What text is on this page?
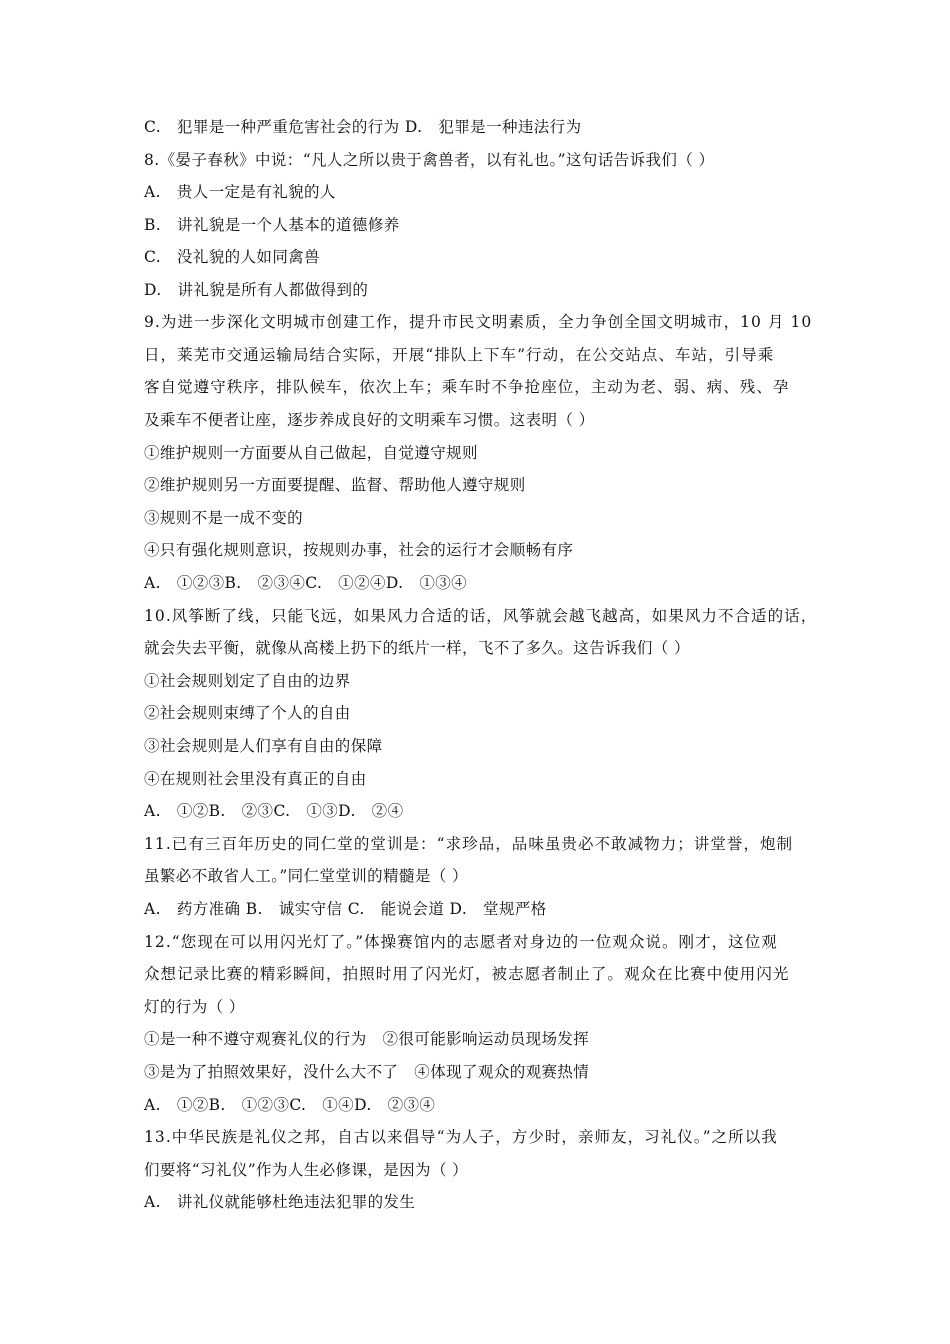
C.　犯罪是一种严重危害社会的行为 D.　犯罪是一种违法行为
8.《晏子春秋》中说：“凡人之所以贵于禽兽者，以有礼也。”这句话告诉我们（ ）
A.　贵人一定是有礼貌的人
B.　讲礼貌是一个人基本的道德修养
C.　没礼貌的人如同禽兽
D.　讲礼貌是所有人都做得到的
9.为进一步深化文明城市创建工作，提升市民文明素质，全力争创全国文明城市，10 月 10
日，莱芜市交通运输局结合实际，开展“排队上下车”行动，在公交站点、车站，引导乘
客自觉遵守秩序，排队候车，依次上车；乘车时不争抢座位，主动为老、弱、病、残、孕
及乘车不便者让座，逐步养成良好的文明乘车习惯。这表明（ ）
①维护规则一方面要从自己做起，自觉遵守规则
②维护规则另一方面要提醒、监督、帮助他人遵守规则
③规则不是一成不变的
④只有强化规则意识，按规则办事，社会的运行才会顺畅有序
A.　①②③B.　②③④C.　①②④D.　①③④
10.风筝断了线，只能飞远，如果风力合适的话，风筝就会越飞越高，如果风力不合适的话，
就会失去平衡，就像从高楼上扔下的纸片一样，飞不了多久。这告诉我们（ ）
①社会规则划定了自由的边界
②社会规则束缚了个人的自由
③社会规则是人们享有自由的保障
④在规则社会里没有真正的自由
A.　①②B.　②③C.　①③D.　②④
11.已有三百年历史的同仁堂的堂训是：“求珍品，品味虽贵必不敢减物力；讲堂誉，炮制
虽繁必不敢省人工。”同仁堂堂训的精髓是（ ）
A.　药方准确 B.　诚实守信 C.　能说会道 D.　堂规严格
12.“您现在可以用闪光灯了。”体操赛馆内的志愿者对身边的一位观众说。刚才，这位观
众想记录比赛的精彩瞬间，拍照时用了闪光灯，被志愿者制止了。观众在比赛中使用闪光
灯的行为（ ）
①是一种不遵守观赛礼仪的行为　②很可能影响运动员现场发挥
③是为了拍照效果好，没什么大不了　④体现了观众的观赛热情
A.　①②B.　①②③C.　①④D.　②③④
13.中华民族是礼仪之邦，自古以来倡导“为人子，方少时，亲师友，习礼仪。”之所以我
们要将“习礼仪”作为人生必修课，是因为（ ）
A.　讲礼仪就能够杜绝违法犯罪的发生
